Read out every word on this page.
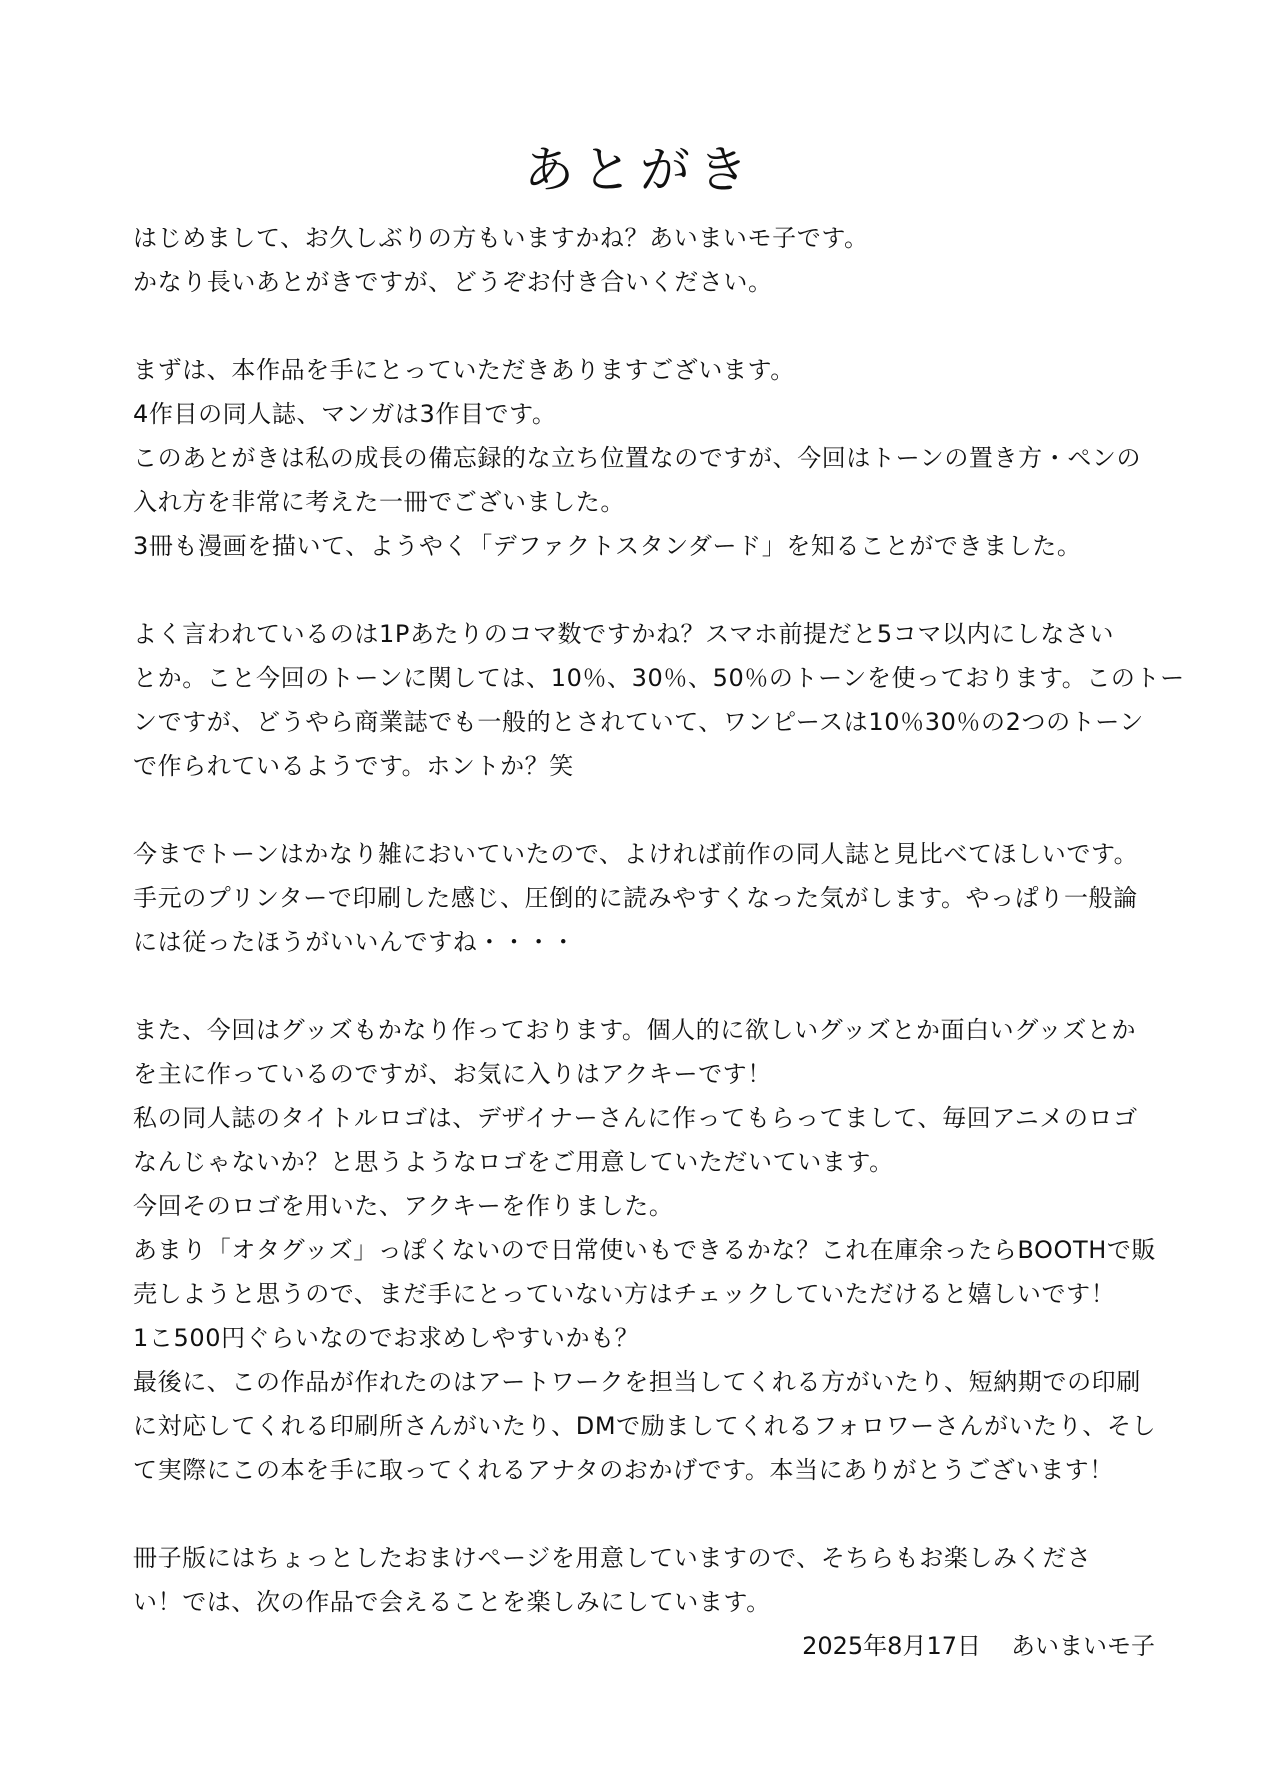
あとがき
はじめまして、お久しぶりの方もいますかね？あいまいモ子です。
かなり長いあとがきですが、どうぞお付き合いください。
まずは、本作品を手にとっていただきありますございます。
4作目の同人誌、マンガは3作目です。
このあとがきは私の成長の備忘録的な立ち位置なのですが、今回はトーンの置き方・ペンの
入れ方を非常に考えた一冊でございました。
3冊も漫画を描いて、ようやく「デファクトスタンダード」を知ることができました。
よく言われているのは1Pあたりのコマ数ですかね？スマホ前提だと5コマ以内にしなさい
とか。こと今回のトーンに関しては、10％、30％、50％のトーンを使っております。このトー
ンですが、どうやら商業誌でも一般的とされていて、ワンピースは10％30％の2つのトーン
で作られているようです。ホントか？笑
今までトーンはかなり雑においていたので、よければ前作の同人誌と見比べてほしいです。
手元のプリンターで印刷した感じ、圧倒的に読みやすくなった気がします。やっぱり一般論
には従ったほうがいいんですね・・・・
また、今回はグッズもかなり作っております。個人的に欲しいグッズとか面白いグッズとか
を主に作っているのですが、お気に入りはアクキーです！
私の同人誌のタイトルロゴは、デザイナーさんに作ってもらってまして、毎回アニメのロゴ
なんじゃないか？と思うようなロゴをご用意していただいています。
今回そのロゴを用いた、アクキーを作りました。
あまり「オタグッズ」っぽくないので日常使いもできるかな？これ在庫余ったらBOOTHで販
売しようと思うので、まだ手にとっていない方はチェックしていただけると嬉しいです！
1こ500円ぐらいなのでお求めしやすいかも？
最後に、この作品が作れたのはアートワークを担当してくれる方がいたり、短納期での印刷
に対応してくれる印刷所さんがいたり、DMで励ましてくれるフォロワーさんがいたり、そし
て実際にこの本を手に取ってくれるアナタのおかげです。本当にありがとうございます！
冊子版にはちょっとしたおまけページを用意していますので、そちらもお楽しみくださ
い！では、次の作品で会えることを楽しみにしています。
2025年8月17日 あいまいモ子
